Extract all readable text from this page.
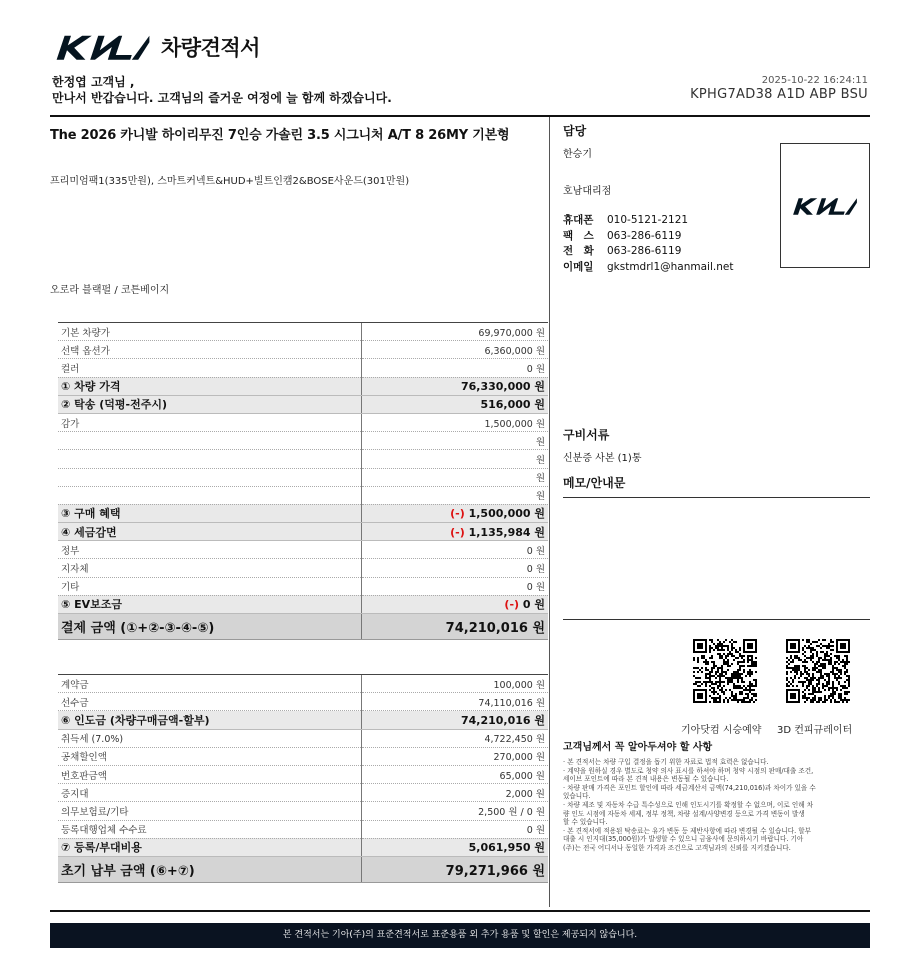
차량견적서
한정엽 고객님 ,
만나서 반갑습니다. 고객님의 즐거운 여정에 늘 함께 하겠습니다.
2025-10-22 16:24:11
KPHG7AD38 A1D ABP BSU
The 2026 카니발 하이리무진 7인승 가솔린 3.5 시그니처 A/T 8 26MY 기본형
프리미엄팩1(335만원), 스마트커넥트&HUD+빌트인캠2&BOSE사운드(301만원)
오로라 블랙펄 / 코튼베이지
기본 차량가	69,970,000 원
선택 옵션가	6,360,000 원
컬러	0 원
① 차량 가격	76,330,000 원
② 탁송 (덕평-전주시)	516,000 원
감가	1,500,000 원
	원
	원
	원
	원
③ 구매 혜택	(-) 1,500,000 원
④ 세금감면	(-) 1,135,984 원
정부	0 원
지자체	0 원
기타	0 원
⑤ EV보조금	(-) 0 원
결제 금액 (①+②-③-④-⑤)	74,210,016 원
계약금	100,000 원
선수금	74,110,016 원
⑥ 인도금 (차량구매금액-할부)	74,210,016 원
취득세 (7.0%)	4,722,450 원
공채할인액	270,000 원
번호판금액	65,000 원
증지대	2,000 원
의무보험료/기타	2,500 원 / 0 원
등록대행업체 수수료	0 원
⑦ 등록/부대비용	5,061,950 원
초기 납부 금액 (⑥+⑦)	79,271,966 원
담당
한승기
호남대리점
휴대폰 010-5121-2121
팩　스 063-286-6119
전　화 063-286-6119
이메일 gkstmdrl1@hanmail.net
구비서류
신분증 사본 (1)통
메모/안내문
기아닷컴 시승예약 3D 컨피규레이터
고객님께서 꼭 알아두셔야 할 사항
· 본 견적서는 차량 구입 결정을 돕기 위한 자료로 법적 효력은 없습니다.
· 계약을 원하실 경우 별도로 청약 의사 표시를 하셔야 하며 청약 시점의 판매/대출 조건,
세이브 포인트에 따라 본 견적 내용은 변동될 수 있습니다.
· 차량 판매 가격은 포인트 할인에 따라 세금계산서 금액(74,210,016)과 차이가 있을 수
있습니다.
· 차량 제조 및 자동차 수급 특수성으로 인해 인도시기를 확정할 수 없으며, 이로 인해 차
량 인도 시점에 자동차 세제, 정부 정책, 차량 설계/사양변경 등으로 가격 변동이 발생
할 수 있습니다.
· 본 견적서에 적용된 탁송료는 유가 변동 등 제반사항에 따라 변경될 수 있습니다. 할부
대출 시 인지대(35,000원)가 발생할 수 있으니 금융사에 문의하시기 바랍니다. 기아
(주)는 전국 어디서나 동일한 가격과 조건으로 고객님과의 신뢰를 지키겠습니다.
본 견적서는 기아(주)의 표준견적서로 표준용품 외 추가 용품 및 할인은 제공되지 않습니다.
